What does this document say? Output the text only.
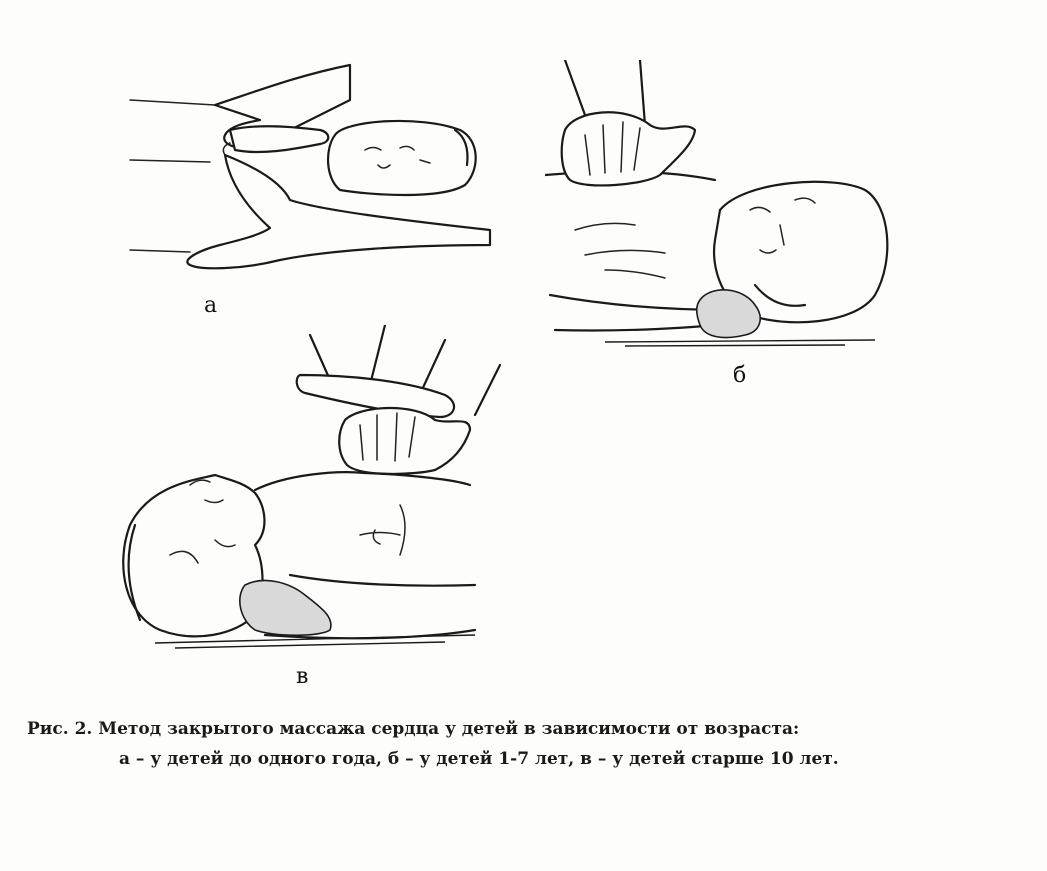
а
б
в
Рис. 2. Метод закрытого массажа сердца у детей в зависимости от возраста:
а – у детей до одного года, б – у детей 1-7 лет, в – у детей старше 10 лет.
